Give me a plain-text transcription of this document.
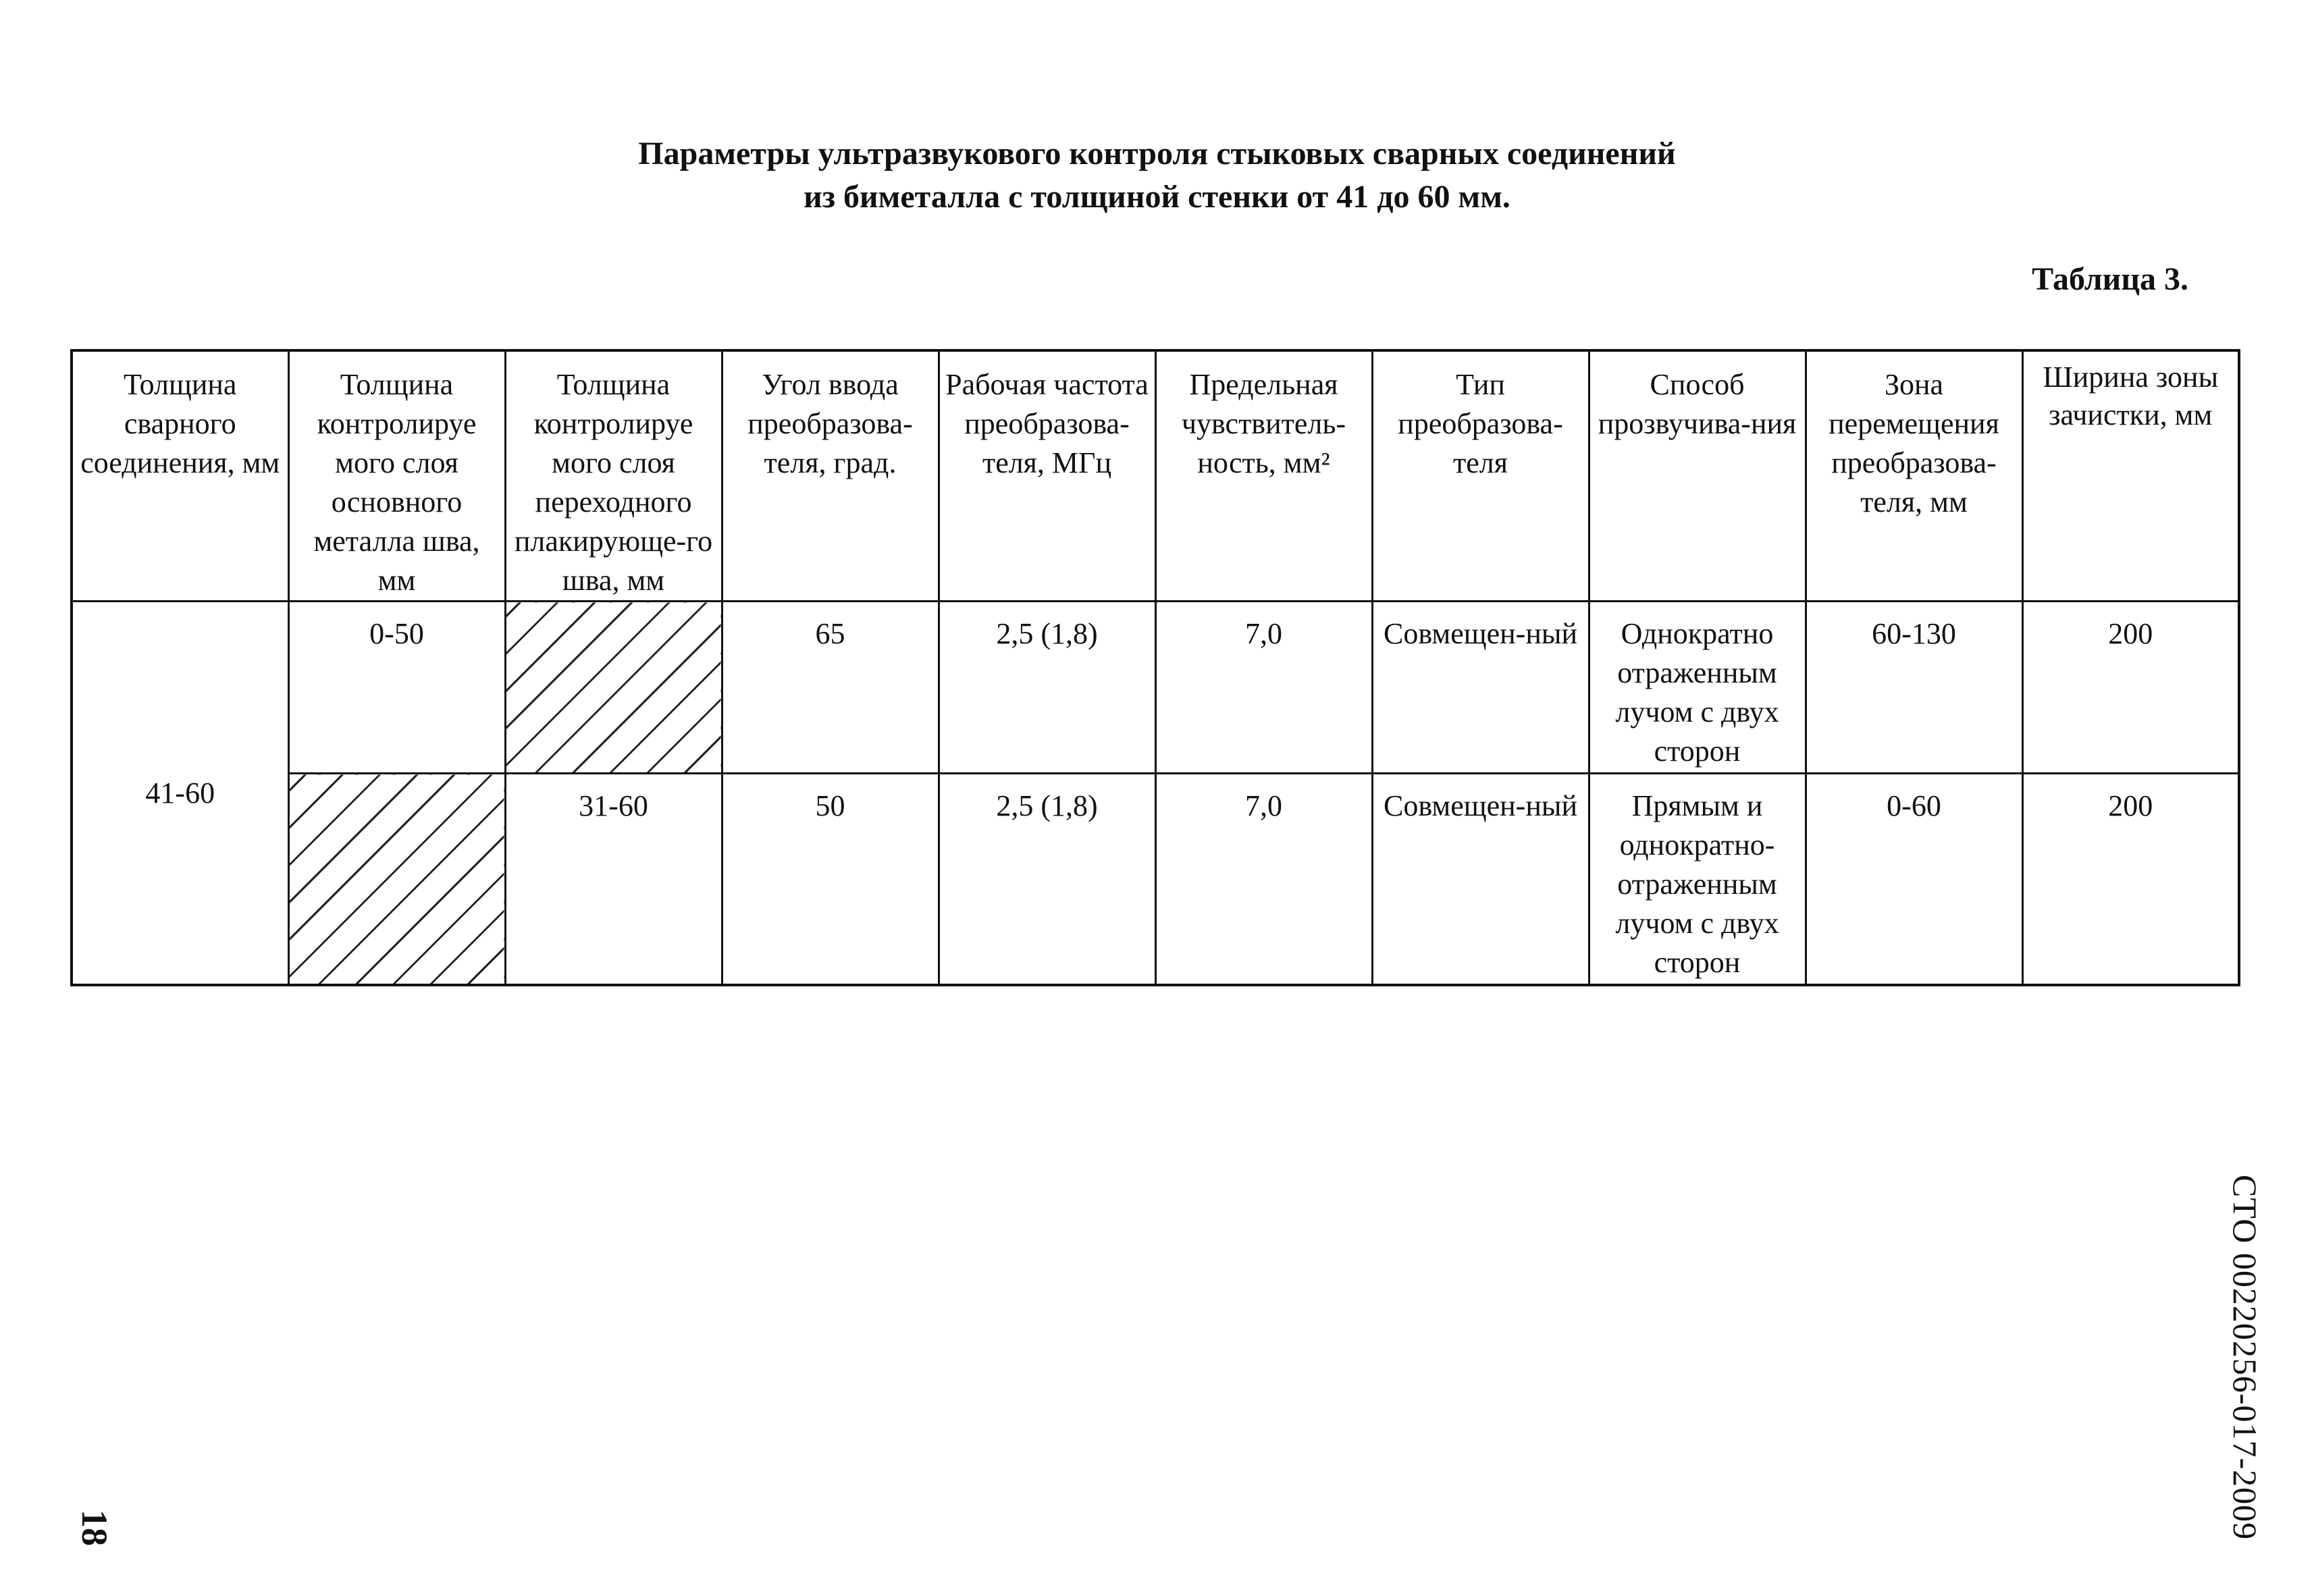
Параметры ультразвукового контроля стыковых сварных соединений
из биметалла с толщиной стенки от 41 до 60 мм.
Таблица 3.
Толщина сварного соединения, мм	Толщина контролируе мого слоя основного металла шва, мм	Толщина контролируе мого слоя переходного плакирующе-го шва, мм	Угол ввода преобразова-теля, град.	Рабочая частота преобразова-теля, МГц	Предельная чувствитель-ность, мм²	Тип преобразова-теля	Способ прозвучива-ния	Зона перемещения преобразова-теля, мм	Ширина зоны зачистки, мм
41-60	0-50		65	2,5 (1,8)	7,0	Совмещен-ный	Однократно отраженным лучом с двух сторон	60-130	200
		31-60	50	2,5 (1,8)	7,0	Совмещен-ный	Прямым и однократно-отраженным лучом с двух сторон	0-60	200
СТО 00220256-017-2009
18
